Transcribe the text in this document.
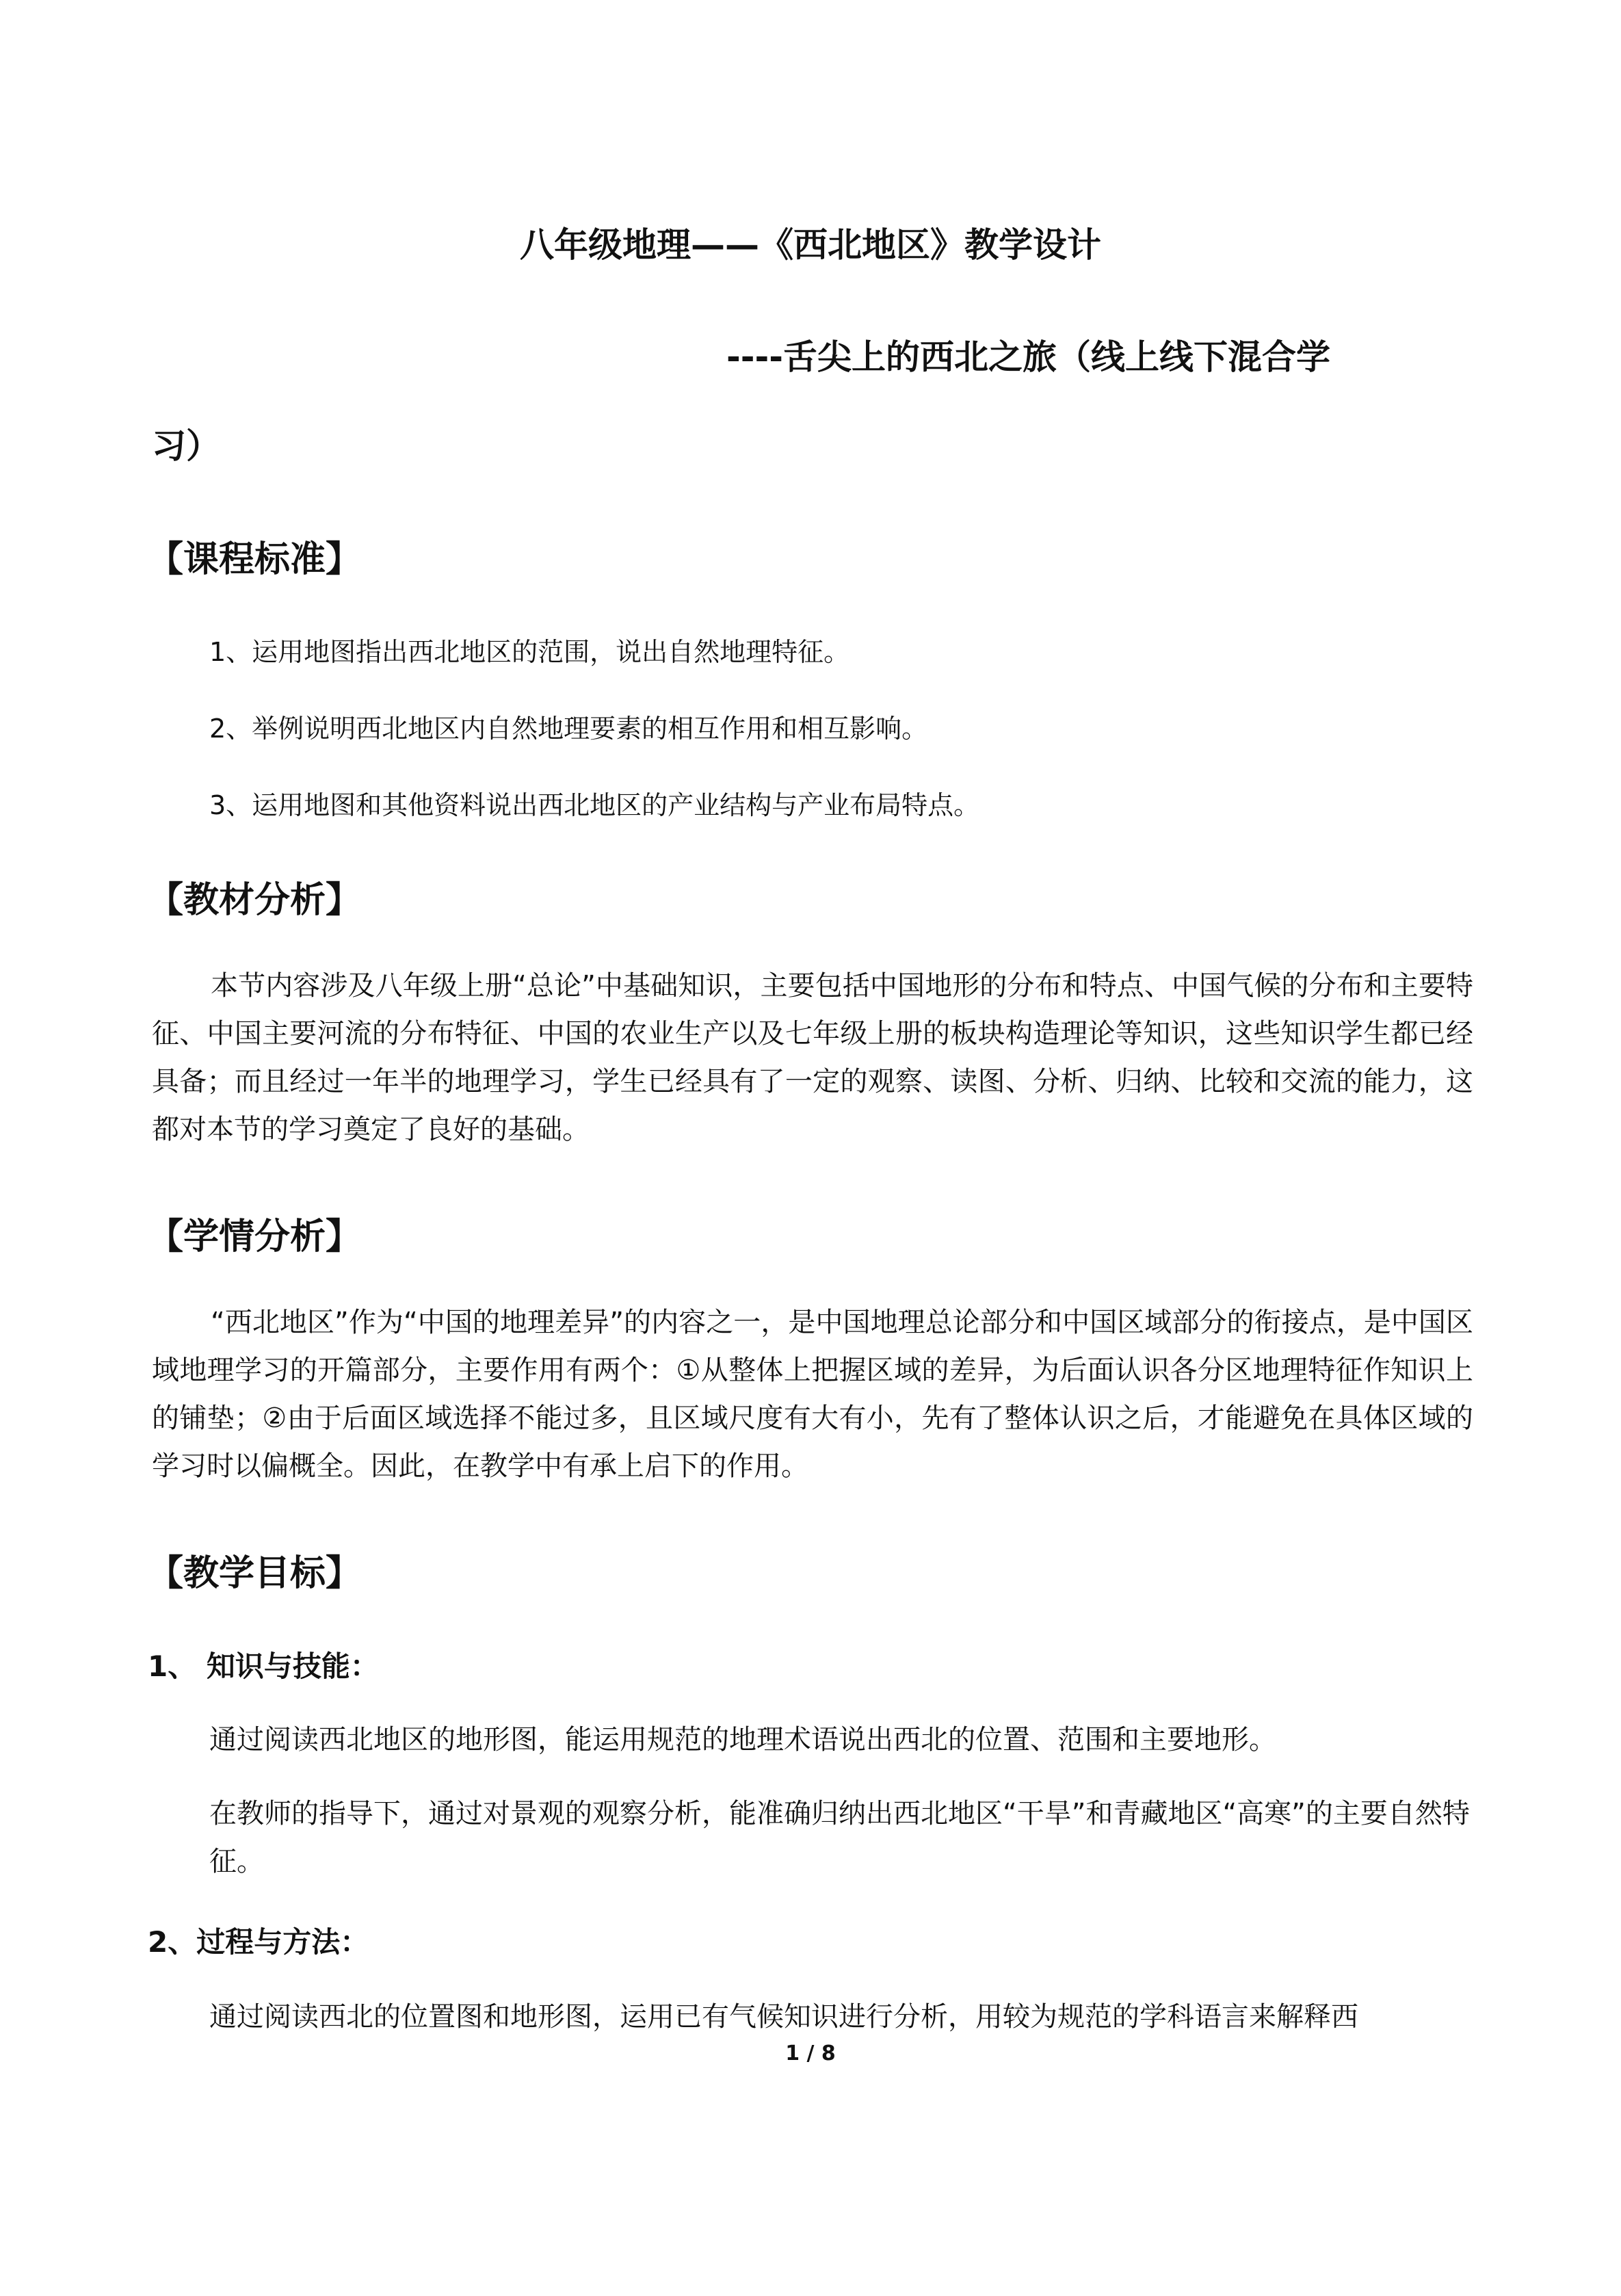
八年级地理——《西北地区》教学设计
----舌尖上的西北之旅（线上线下混合学
习）
【课程标准】
1、运用地图指出西北地区的范围，说出自然地理特征。
2、举例说明西北地区内自然地理要素的相互作用和相互影响。
3、运用地图和其他资料说出西北地区的产业结构与产业布局特点。
【教材分析】

本节内容涉及八年级上册“总论”中基础知识，主要包括中国地形的分布和特点、中国气候的分布和主要特征、中国主要河流的分布特征、中国的农业生产以及七年级上册的板块构造理论等知识，这些知识学生都已经具备；而且经过一年半的地理学习，学生已经具有了一定的观察、读图、分析、归纳、比较和交流的能力，这都对本节的学习奠定了良好的基础。

【学情分析】

“西北地区”作为“中国的地理差异”的内容之一，是中国地理总论部分和中国区域部分的衔接点，是中国区域地理学习的开篇部分，主要作用有两个：①从整体上把握区域的差异，为后面认识各分区地理特征作知识上的铺垫；②由于后面区域选择不能过多，且区域尺度有大有小，先有了整体认识之后，才能避免在具体区域的学习时以偏概全。因此，在教学中有承上启下的作用。

【教学目标】
1、 知识与技能：

通过阅读西北地区的地形图，能运用规范的地理术语说出西北的位置、范围和主要地形。

在教师的指导下，通过对景观的观察分析，能准确归纳出西北地区“干旱”和青藏地区“高寒”的主要自然特征。

2、过程与方法：

通过阅读西北的位置图和地形图，运用已有气候知识进行分析，用较为规范的学科语言来解释西

1 / 8
